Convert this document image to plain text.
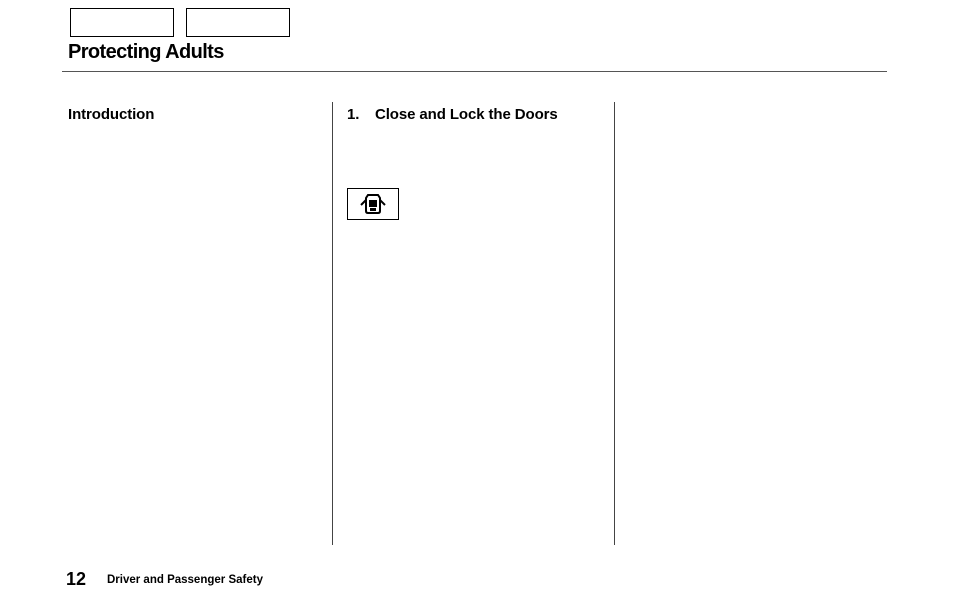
Protecting Adults
Introduction	1. Close and Lock the Doors
12 Driver and Passenger Safety
